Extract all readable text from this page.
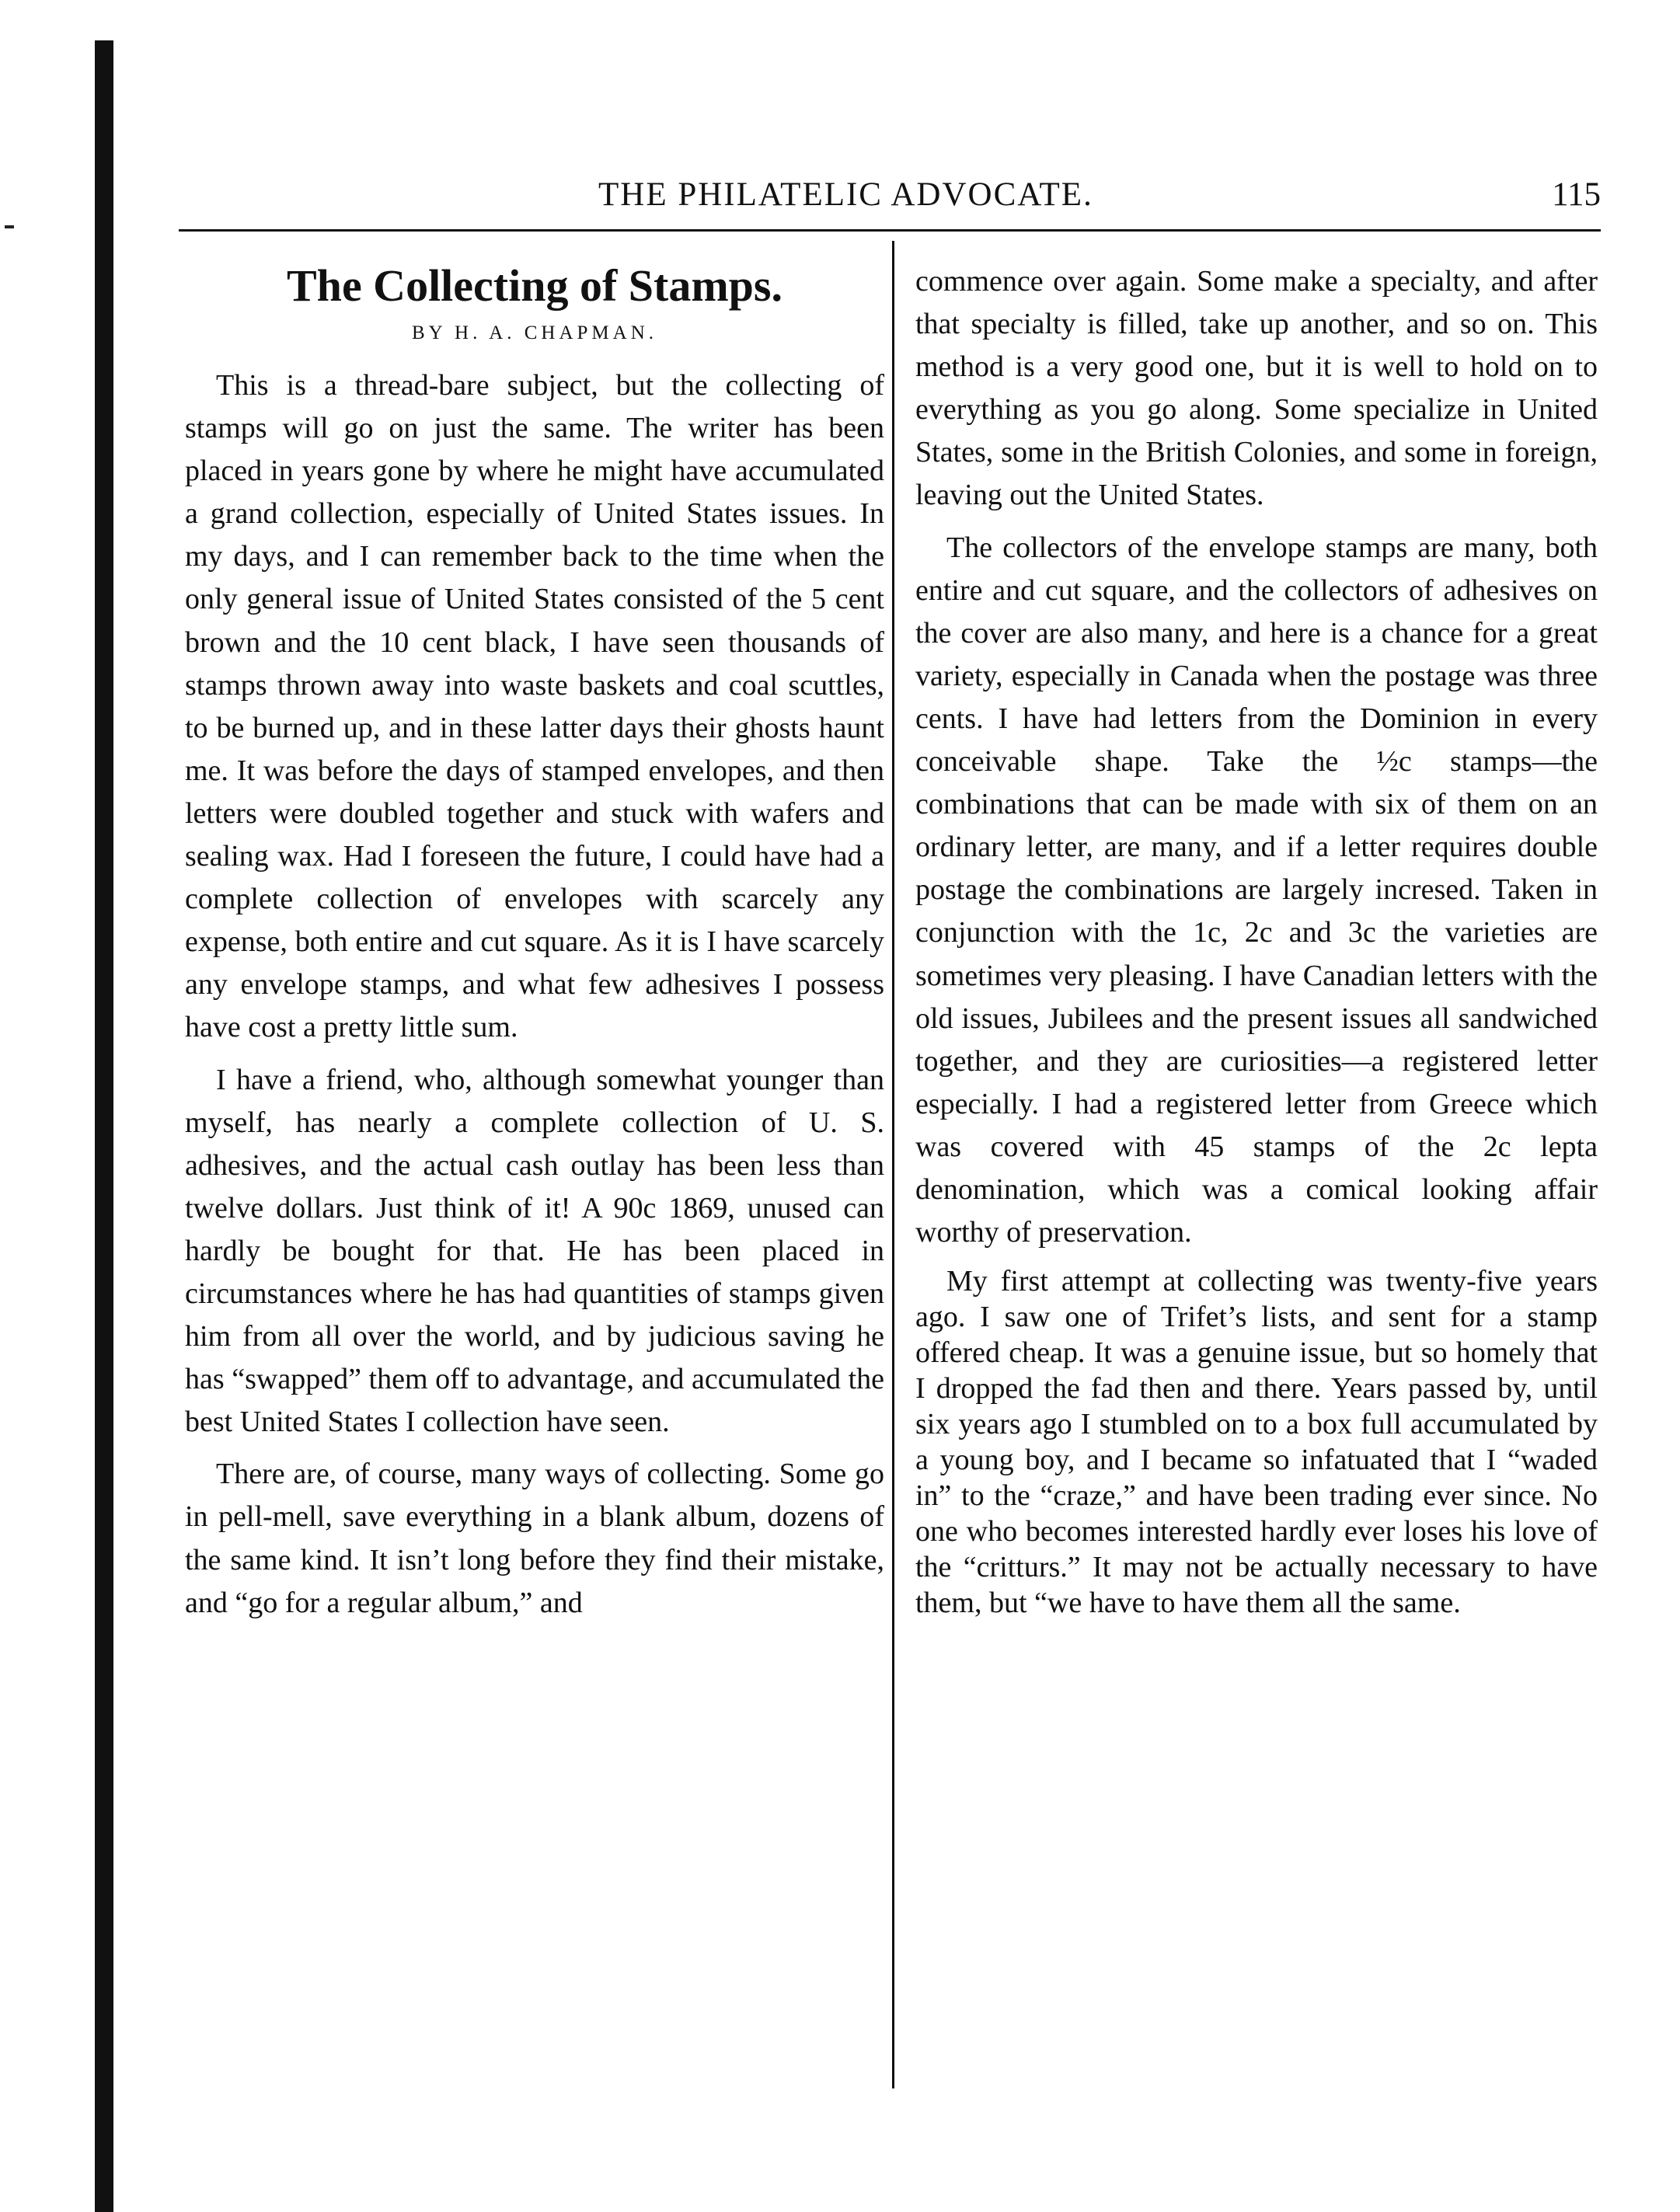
THE PHILATELIC ADVOCATE.	115
The Collecting of Stamps.
BY H. A. CHAPMAN.

This is a thread-bare subject, but the collecting of stamps will go on just the same. The writer has been placed in years gone by where he might have accumulated a grand collection, especially of United States issues. In my days, and I can remember back to the time when the only general issue of United States consisted of the 5 cent brown and the 10 cent black, I have seen thousands of stamps thrown away into waste baskets and coal scuttles, to be burned up, and in these latter days their ghosts haunt me. It was before the days of stamped envelopes, and then letters were doubled together and stuck with wafers and sealing wax. Had I foreseen the future, I could have had a complete collection of envelopes with scarcely any expense, both entire and cut square. As it is I have scarcely any envelope stamps, and what few adhesives I possess have cost a pretty little sum.

I have a friend, who, although somewhat younger than myself, has nearly a complete collection of U. S. adhesives, and the actual cash outlay has been less than twelve dollars. Just think of it! A 90c 1869, unused can hardly be bought for that. He has been placed in circumstances where he has had quantities of stamps given him from all over the world, and by judicious saving he has “swapped” them off to advantage, and accumulated the best United States I collection have seen.

There are, of course, many ways of collecting. Some go in pell-mell, save everything in a blank album, dozens of the same kind. It isn’t long before they find their mistake, and “go for a regular album,” and

commence over again. Some make a specialty, and after that specialty is filled, take up another, and so on. This method is a very good one, but it is well to hold on to everything as you go along. Some specialize in United States, some in the British Colonies, and some in foreign, leaving out the United States.

The collectors of the envelope stamps are many, both entire and cut square, and the collectors of adhesives on the cover are also many, and here is a chance for a great variety, especially in Canada when the postage was three cents. I have had letters from the Dominion in every conceivable shape. Take the ½c stamps—the combinations that can be made with six of them on an ordinary letter, are many, and if a letter requires double postage the combinations are largely incresed. Taken in conjunction with the 1c, 2c and 3c the varieties are sometimes very pleasing. I have Canadian letters with the old issues, Jubilees and the present issues all sandwiched together, and they are curiosities—a registered letter especially. I had a registered letter from Greece which was covered with 45 stamps of the 2c lepta denomination, which was a comical looking affair worthy of preservation.

My first attempt at collecting was twenty-five years ago. I saw one of Trifet’s lists, and sent for a stamp offered cheap. It was a genuine issue, but so homely that I dropped the fad then and there. Years passed by, until six years ago I stumbled on to a box full accumulated by a young boy, and I became so infatuated that I “waded in” to the “craze,” and have been trading ever since. No one who becomes interested hardly ever loses his love of the “critturs.” It may not be actually necessary to have them, but “we have to have them all the same.
